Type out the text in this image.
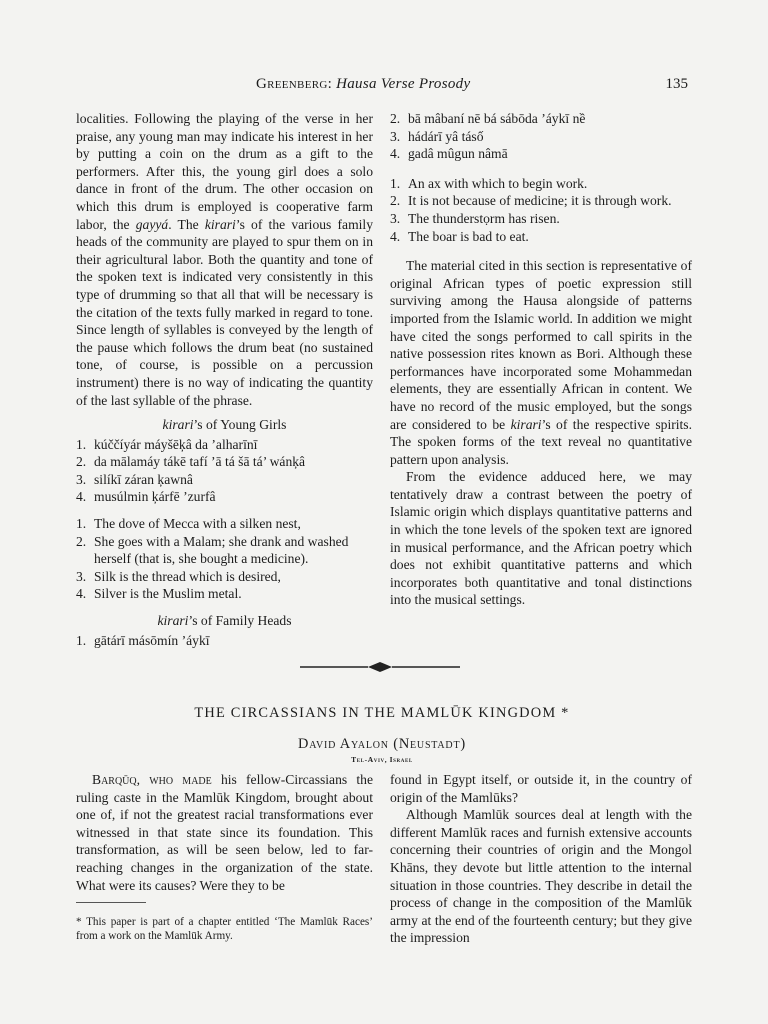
Greenberg: Hausa Verse Prosody	135

localities. Following the playing of the verse in her praise, any young man may indicate his interest in her by putting a coin on the drum as a gift to the performers. After this, the young girl does a solo dance in front of the drum. The other occasion on which this drum is employed is cooperative farm labor, the gayyá. The kirari’s of the various family heads of the community are played to spur them on in their agricultural labor. Both the quantity and tone of the spoken text is indicated very consistently in this type of drumming so that all that will be necessary is the citation of the texts fully marked in regard to tone. Since length of syllables is conveyed by the length of the pause which follows the drum beat (no sustained tone, of course, is possible on a percussion instrument) there is no way of indicating the quantity of the last syllable of the phrase.

kirari’s of Young Girls

1. kúččíyár máyšēķâ da ’alharīnī
2. da mālamáy tákē tafí ’ā tá šā tá’ wánķâ
3. silíkī záran ķawnâ
4. musúlmin ķárfē ’zurfâ
1. The dove of Mecca with a silken nest,
2. She goes with a Malam; she drank and washed herself (that is, she bought a medicine).
3. Silk is the thread which is desired,
4. Silver is the Muslim metal.

kirari’s of Family Heads

1. gātárī másōmín ’áykī
2. bā mâbaní nē bá sábōda ’áykī nề
3. hádárī yâ tásố
4. gadâ mûgun nâmā
1. An ax with which to begin work.
2. It is not because of medicine; it is through work.
3. The thunderstọrm has risen.
4. The boar is bad to eat.

The material cited in this section is representative of original African types of poetic expression still surviving among the Hausa alongside of patterns imported from the Islamic world. In addition we might have cited the songs performed to call spirits in the native possession rites known as Bori. Although these performances have incorporated some Mohammedan elements, they are essentially African in content. We have no record of the music employed, but the songs are considered to be kirari’s of the respective spirits. The spoken forms of the text reveal no quantitative pattern upon analysis.

From the evidence adduced here, we may tentatively draw a contrast between the poetry of Islamic origin which displays quantitative patterns and in which the tone levels of the spoken text are ignored in musical performance, and the African poetry which does not exhibit quantitative patterns and which incorporates both quantitative and tonal distinctions into the musical settings.

THE CIRCASSIANS IN THE MAMLŪK KINGDOM *
David Ayalon (Neustadt)
Tel-Aviv, Israel

Barqūq, who made his fellow-Circassians the ruling caste in the Mamlūk Kingdom, brought about one of, if not the greatest racial transformations ever witnessed in that state since its foundation. This transformation, as will be seen below, led to far-reaching changes in the organization of the state. What were its causes? Were they to be

* This paper is part of a chapter entitled ‘The Mamlūk Races’ from a work on the Mamlūk Army.

found in Egypt itself, or outside it, in the country of origin of the Mamlūks?

Although Mamlūk sources deal at length with the different Mamlūk races and furnish extensive accounts concerning their countries of origin and the Mongol Khāns, they devote but little attention to the internal situation in those countries. They describe in detail the process of change in the composition of the Mamlūk army at the end of the fourteenth century; but they give the impression
